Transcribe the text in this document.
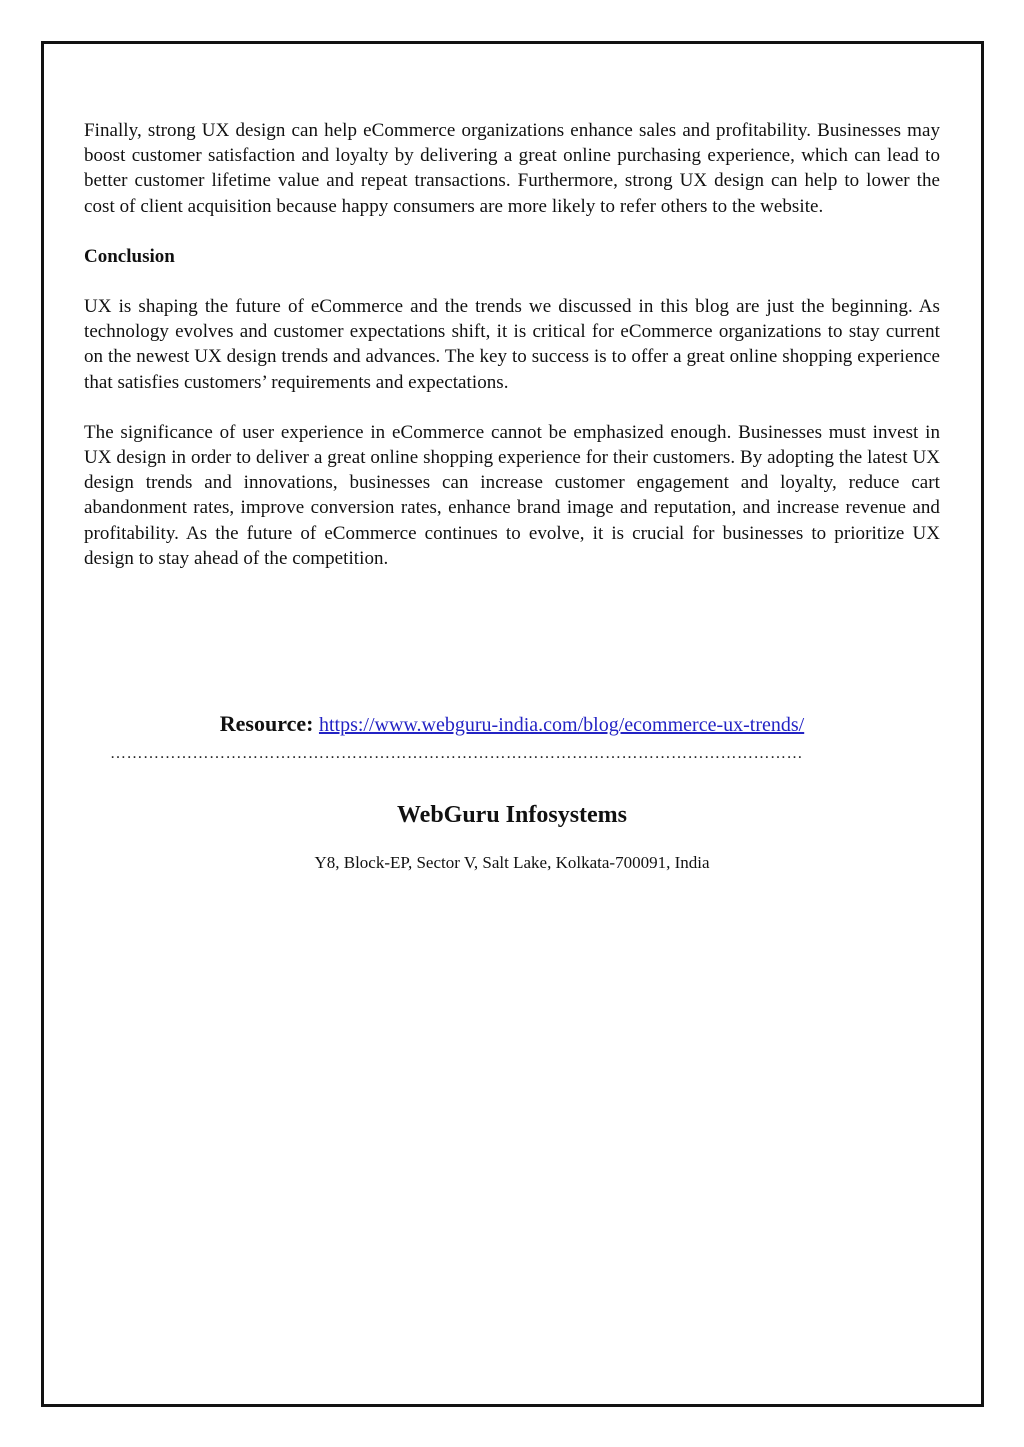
Finally, strong UX design can help eCommerce organizations enhance sales and profitability. Businesses may boost customer satisfaction and loyalty by delivering a great online purchasing experience, which can lead to better customer lifetime value and repeat transactions. Furthermore, strong UX design can help to lower the cost of client acquisition because happy consumers are more likely to refer others to the website.

Conclusion

UX is shaping the future of eCommerce and the trends we discussed in this blog are just the beginning. As technology evolves and customer expectations shift, it is critical for eCommerce organizations to stay current on the newest UX design trends and advances. The key to success is to offer a great online shopping experience that satisfies customers’ requirements and expectations.

The significance of user experience in eCommerce cannot be emphasized enough. Businesses must invest in UX design in order to deliver a great online shopping experience for their customers. By adopting the latest UX design trends and innovations, businesses can increase customer engagement and loyalty, reduce cart abandonment rates, improve conversion rates, enhance brand image and reputation, and increase revenue and profitability. As the future of eCommerce continues to evolve, it is crucial for businesses to prioritize UX design to stay ahead of the competition.

Resource: https://www.webguru-india.com/blog/ecommerce-ux-trends/
………………………………………………………………………………………………………………
WebGuru Infosystems
Y8, Block-EP, Sector V, Salt Lake, Kolkata-700091, India
